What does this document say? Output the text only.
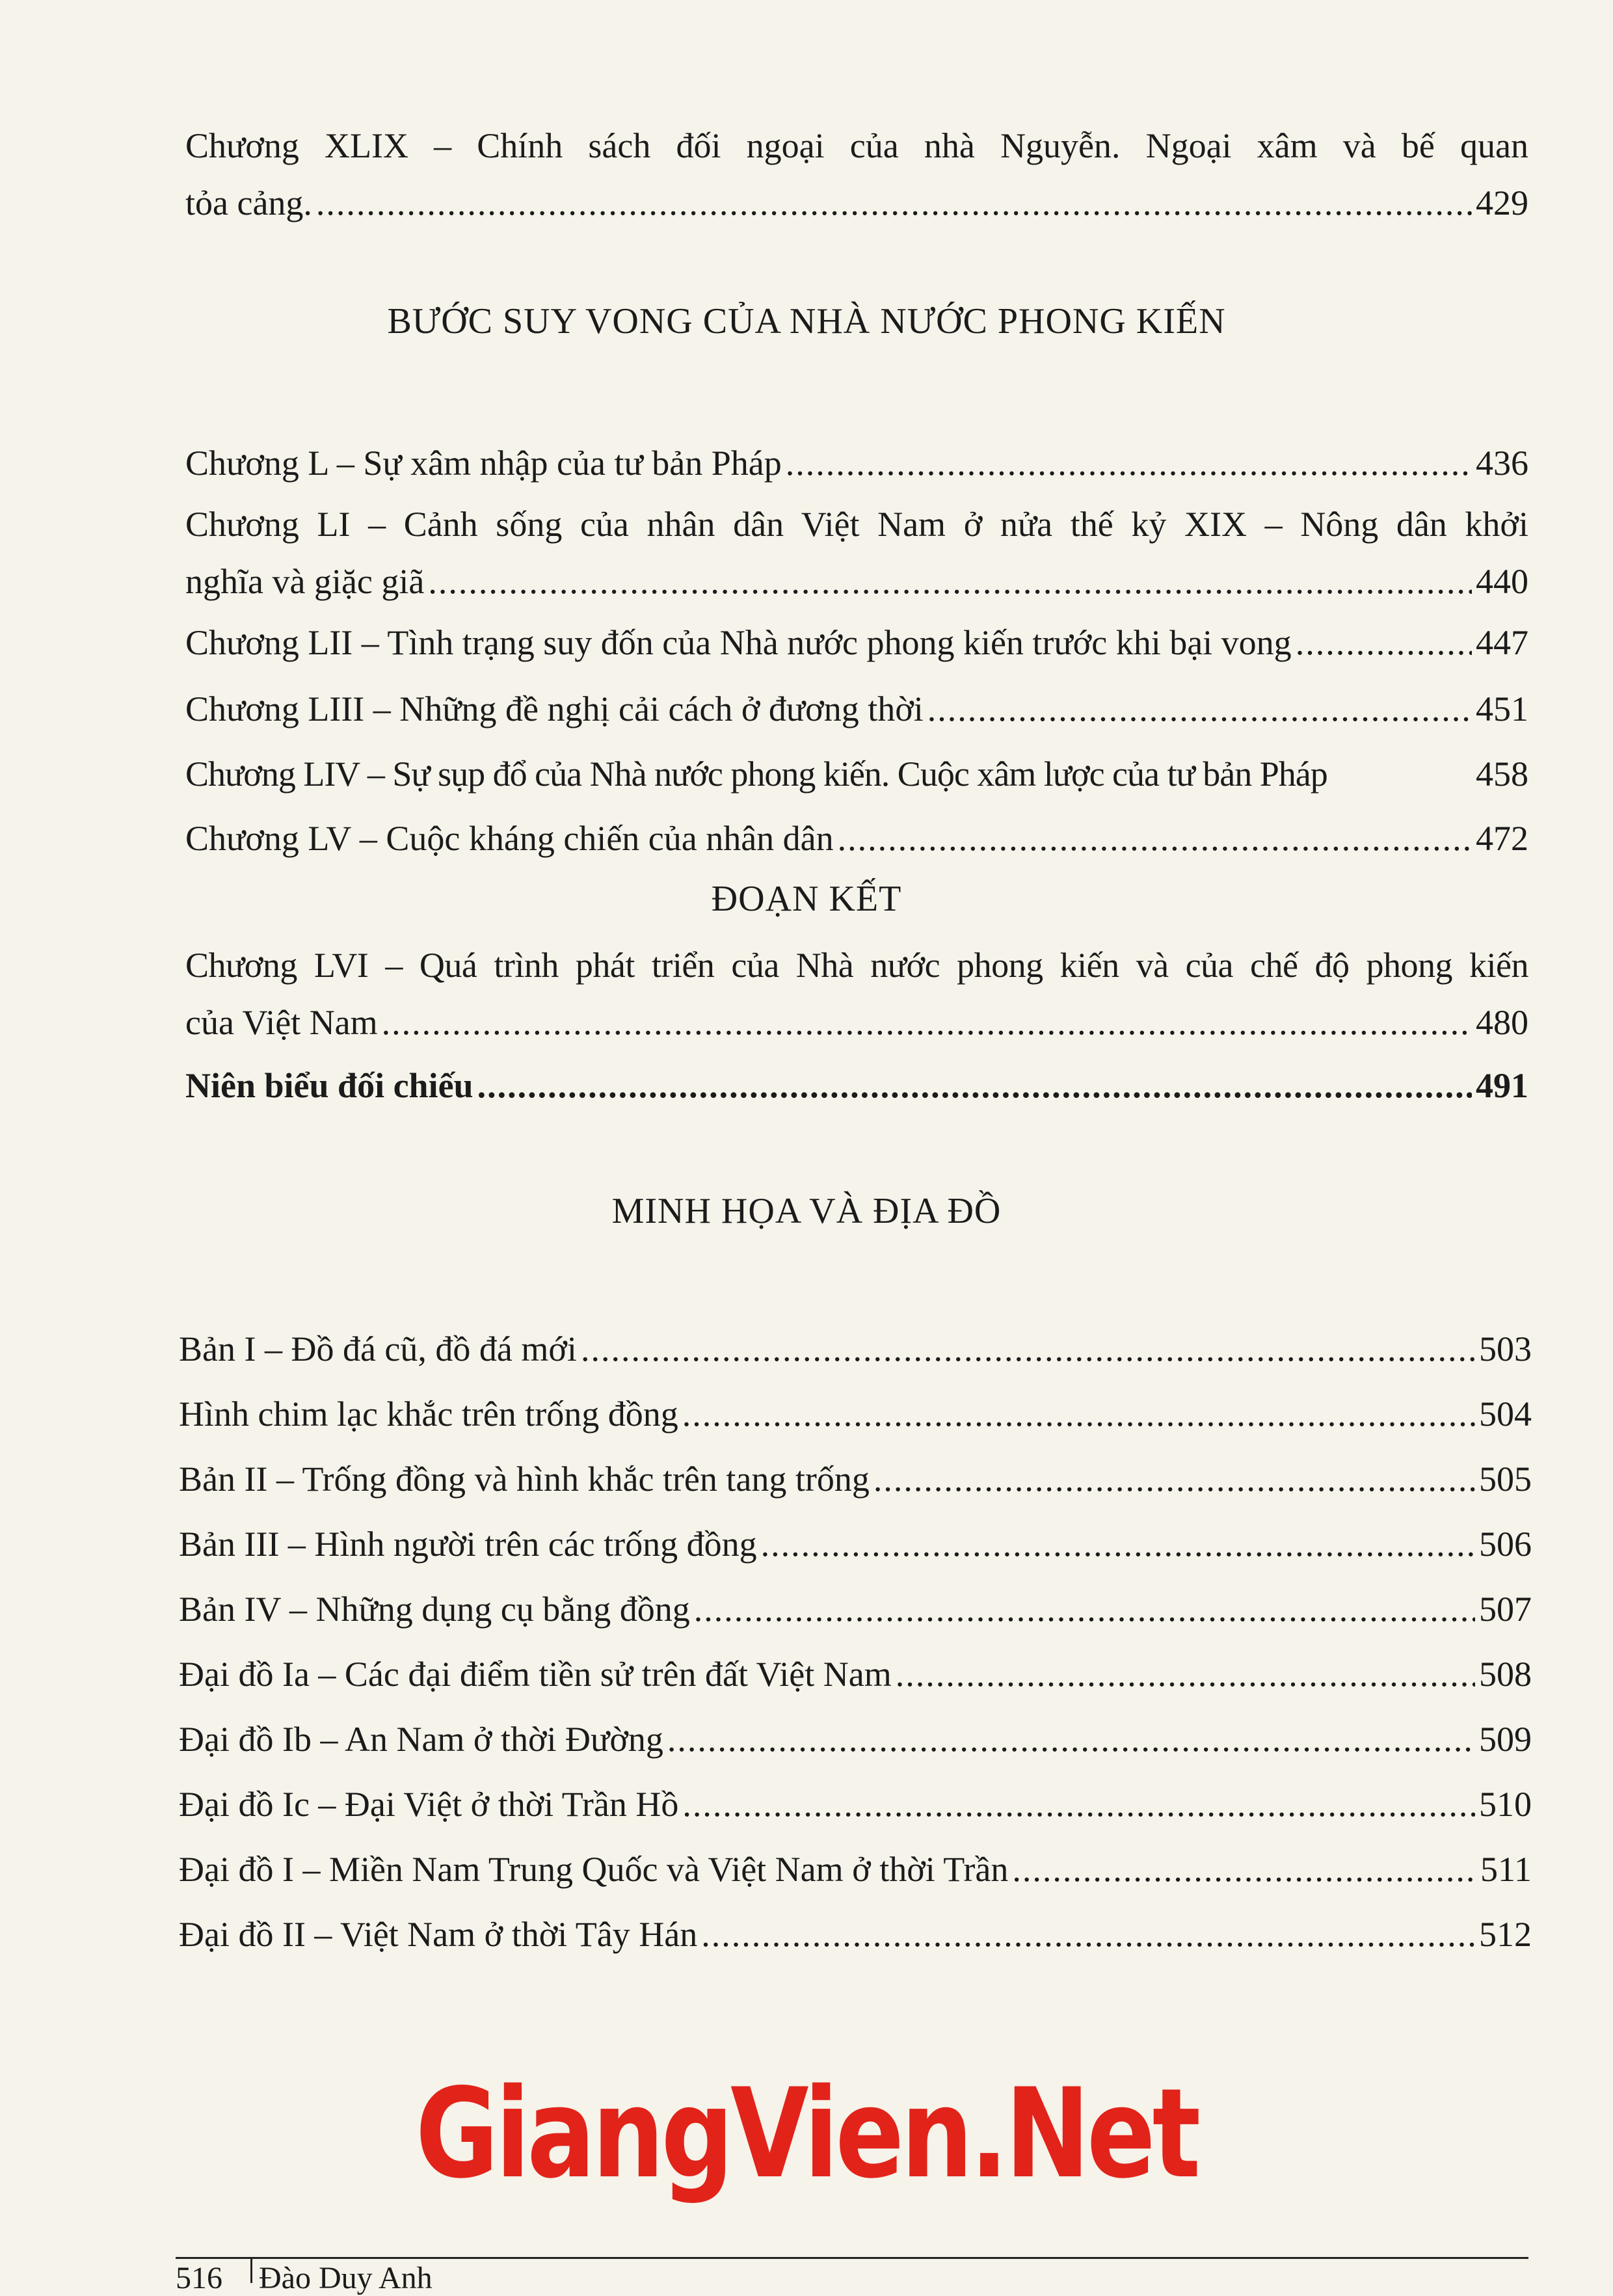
Chương XLIX – Chính sách đối ngoại của nhà Nguyễn. Ngoại xâm và bế quan
tỏa cảng. .....	429
BƯỚC SUY VONG CỦA NHÀ NƯỚC PHONG KIẾN
Chương L – Sự xâm nhập của tư bản Pháp .....	436
Chương LI – Cảnh sống của nhân dân Việt Nam ở nửa thế kỷ XIX – Nông dân khởi
nghĩa và giặc giã .....	440
Chương LII – Tình trạng suy đốn của Nhà nước phong kiến trước khi bại vong .....	447
Chương LIII – Những đề nghị cải cách ở đương thời .....	451
Chương LIV – Sự sụp đổ của Nhà nước phong kiến. Cuộc xâm lược của tư bản Pháp	458
Chương LV – Cuộc kháng chiến của nhân dân .....	472
ĐOẠN KẾT
Chương LVI – Quá trình phát triển của Nhà nước phong kiến và của chế độ phong kiến
của Việt Nam .....	480
Niên biểu đối chiếu .....	491
MINH HỌA VÀ ĐỊA ĐỒ
Bản I – Đồ đá cũ, đồ đá mới .....	503
Hình chim lạc khắc trên trống đồng .....	504
Bản II – Trống đồng và hình khắc trên tang trống .....	505
Bản III – Hình người trên các trống đồng .....	506
Bản IV – Những dụng cụ bằng đồng .....	507
Đại đồ Ia – Các đại điểm tiền sử trên đất Việt Nam .....	508
Đại đồ Ib – An Nam ở thời Đường .....	509
Đại đồ Ic – Đại Việt ở thời Trần Hồ .....	510
Đại đồ I – Miền Nam Trung Quốc và Việt Nam ở thời Trần .....	511
Đại đồ II – Việt Nam ở thời Tây Hán .....	512
GiangVien.Net
516 Đào Duy Anh
